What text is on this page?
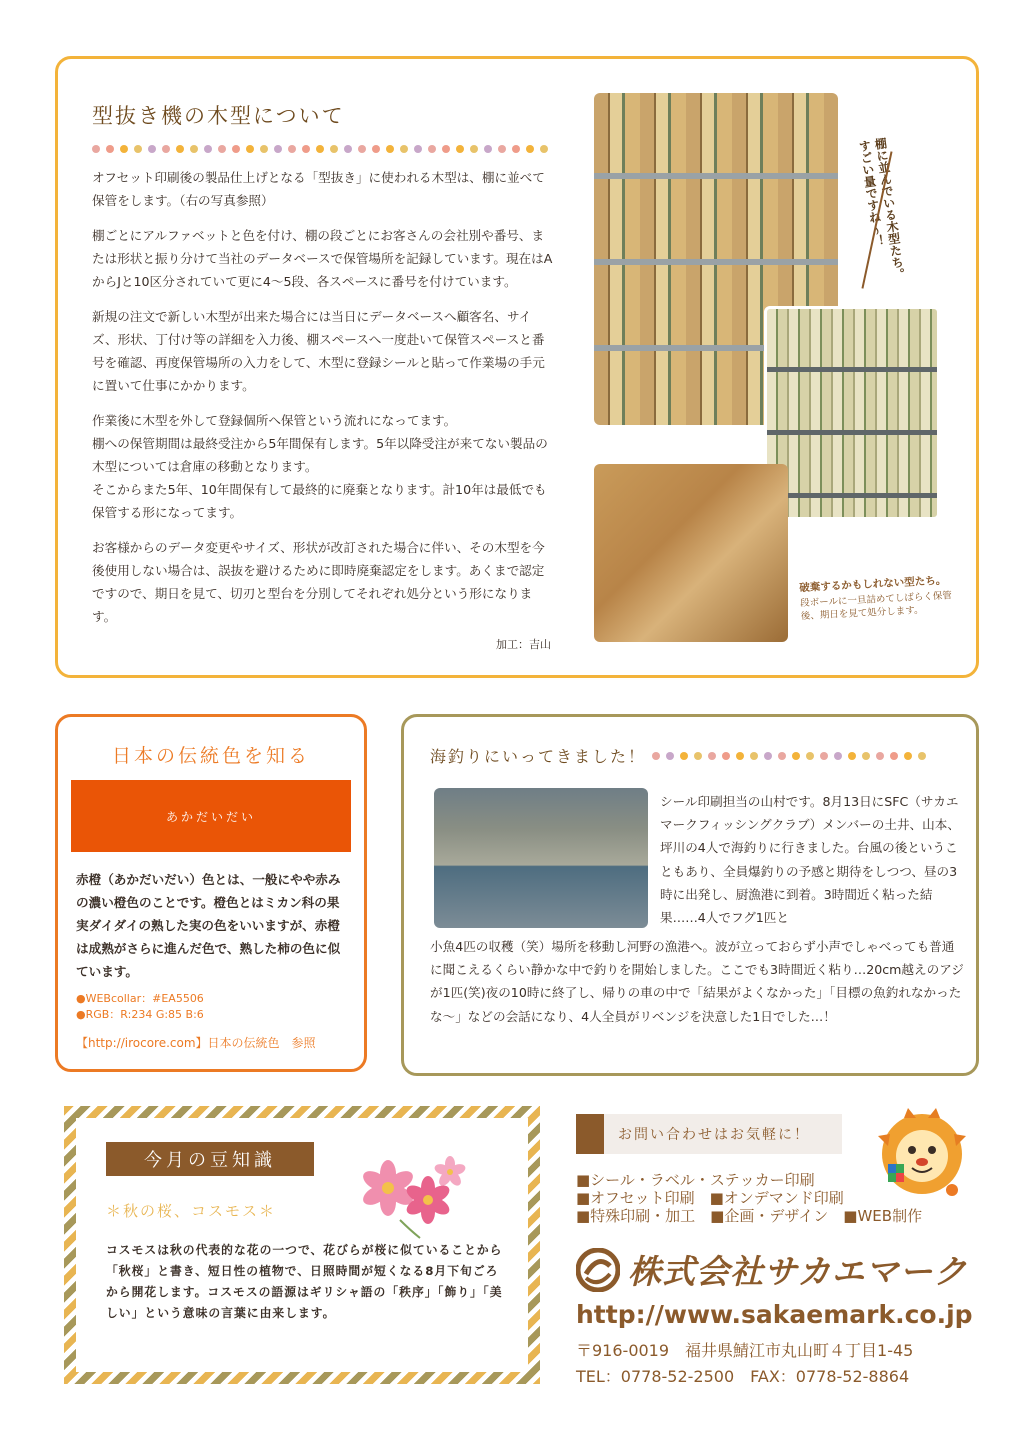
型抜き機の木型について

オフセット印刷後の製品仕上げとなる「型抜き」に使われる木型は、棚に並べて保管をします。（右の写真参照）

棚ごとにアルファベットと色を付け、棚の段ごとにお客さんの会社別や番号、または形状と振り分けて当社のデータベースで保管場所を記録しています。現在はAからJと10区分されていて更に4〜5段、各スペースに番号を付けています。

新規の注文で新しい木型が出来た場合には当日にデータベースへ顧客名、サイズ、形状、丁付け等の詳細を入力後、棚スペースへ一度赴いて保管スペースと番号を確認、再度保管場所の入力をして、木型に登録シールと貼って作業場の手元に置いて仕事にかかります。

作業後に木型を外して登録個所へ保管という流れになってます。
棚への保管期間は最終受注から5年間保有します。5年以降受注が来てない製品の木型については倉庫の移動となります。
そこからまた5年、10年間保有して最終的に廃棄となります。計10年は最低でも保管する形になってます。

お客様からのデータ変更やサイズ、形状が改訂された場合に伴い、その木型を今後使用しない場合は、誤抜を避けるために即時廃棄認定をします。あくまで認定ですので、期日を見て、切刃と型台を分別してそれぞれ処分という形になります。

加工：吉山
棚に並んでいる木型たち。すごい量ですね〜！
破棄するかもしれない型たち。
段ボールに一旦詰めてしばらく保管後、期日を見て処分します。
日本の伝統色を知る
あかだいだい
赤橙（あかだいだい）色とは、一般にやや赤みの濃い橙色のことです。橙色とはミカン科の果実ダイダイの熟した実の色をいいますが、赤橙は成熟がさらに進んだ色で、熟した柿の色に似ています。
●WEBcollar：#EA5506
●RGB：R:234 G:85 B:6
【http://irocore.com】日本の伝統色　参照
海釣りにいってきました！
シール印刷担当の山村です。8月13日にSFC（サカエマークフィッシングクラブ）メンバーの土井、山本、坪川の4人で海釣りに行きました。台風の後ということもあり、全員爆釣りの予感と期待をしつつ、昼の3時に出発し、厨漁港に到着。3時間近く粘った結果……4人でフグ1匹と
小魚4匹の収穫（笑）場所を移動し河野の漁港へ。波が立っておらず小声でしゃべっても普通に聞こえるくらい静かな中で釣りを開始しました。ここでも3時間近く粘り…20cm越えのアジが1匹(笑)夜の10時に終了し、帰りの車の中で「結果がよくなかった」「目標の魚釣れなかったな〜」などの会話になり、4人全員がリベンジを決意した1日でした…！
今月の豆知識
＊秋の桜、コスモス＊
コスモスは秋の代表的な花の一つで、花びらが桜に似ていることから「秋桜」と書き、短日性の植物で、日照時間が短くなる8月下旬ごろから開花します。コスモスの語源はギリシャ語の「秩序」「飾り」「美しい」という意味の言葉に由来します。
お問い合わせはお気軽に！
■シール・ラベル・ステッカー印刷
■オフセット印刷　■オンデマンド印刷
■特殊印刷・加工　■企画・デザイン　■WEB制作
株式会社サカエマーク
http://www.sakaemark.co.jp
〒916-0019　福井県鯖江市丸山町４丁目1-45
TEL：0778-52-2500　FAX：0778-52-8864
